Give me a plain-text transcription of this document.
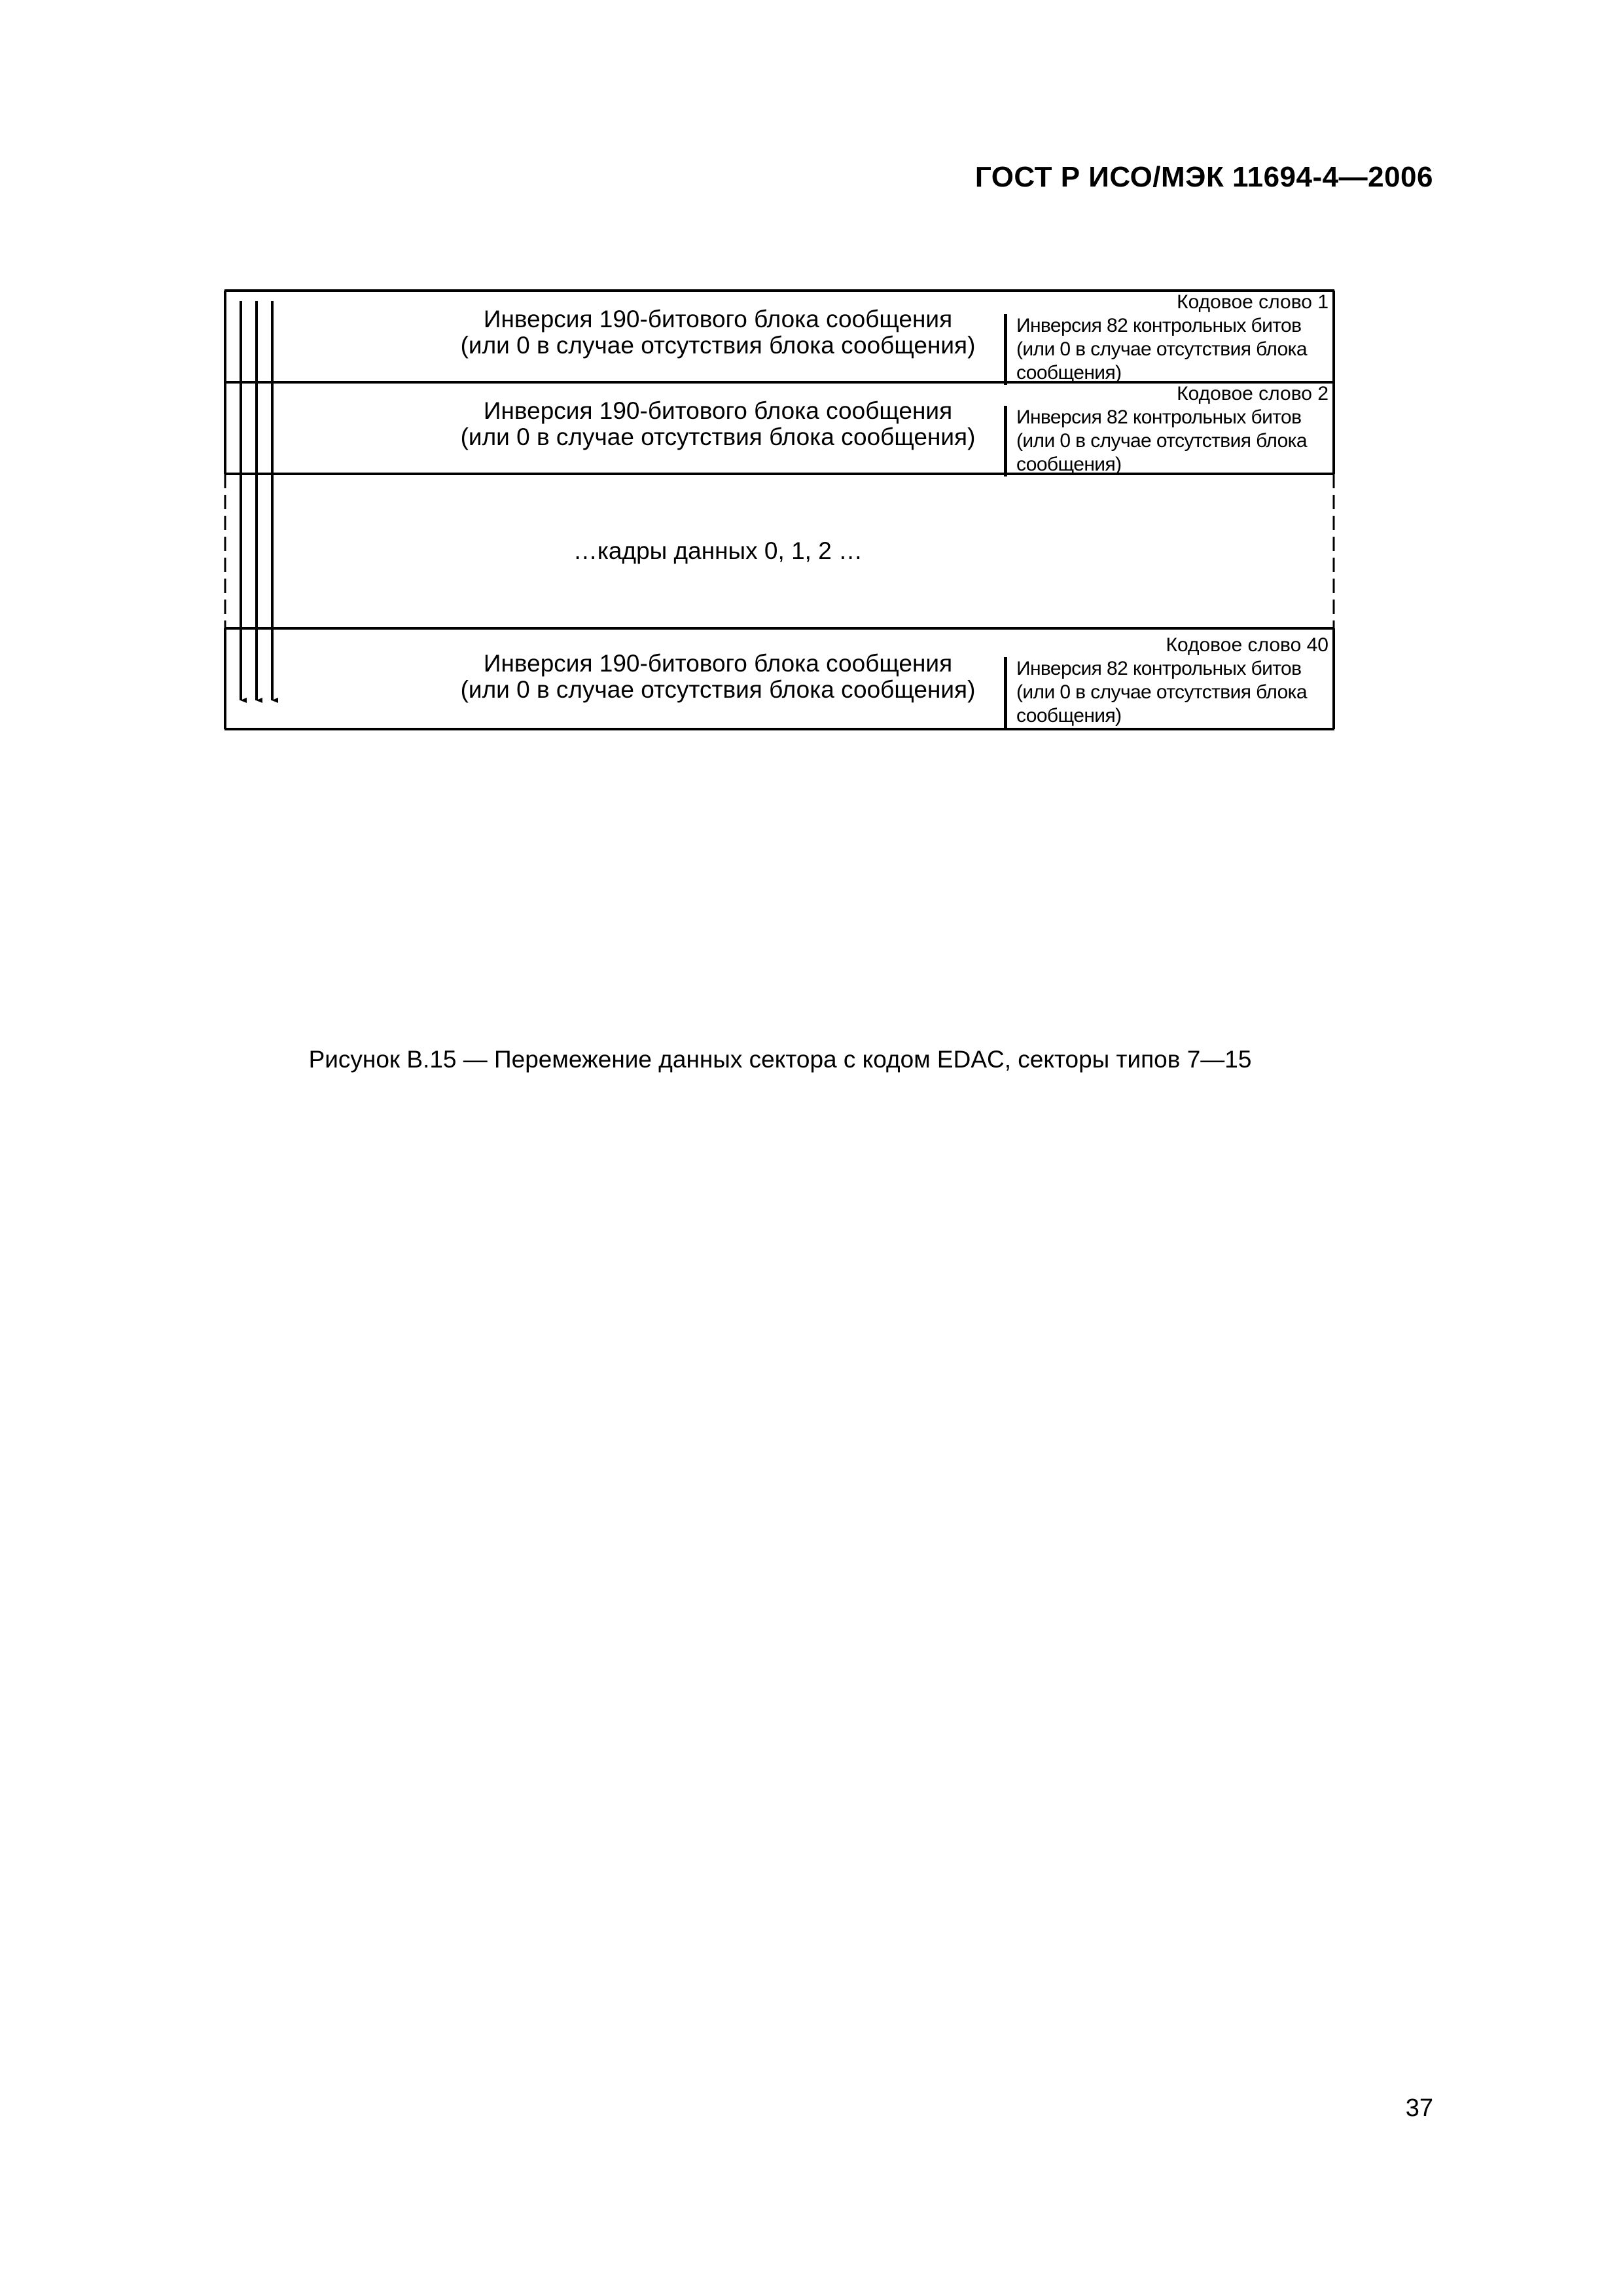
ГОСТ Р ИСО/МЭК 11694-4—2006
Инверсия 190-битового блока сообщения
(или 0 в случае отсутствия блока сообщения)
Кодовое слово 1
Инверсия 82 контрольных битов
(или 0 в случае отсутствия блока
сообщения)
Инверсия 190-битового блока сообщения
(или 0 в случае отсутствия блока сообщения)
Кодовое слово 2
Инверсия 82 контрольных битов
(или 0 в случае отсутствия блока
сообщения)
…кадры данных 0, 1, 2 …
Инверсия 190-битового блока сообщения
(или 0 в случае отсутствия блока сообщения)
Кодовое слово 40
Инверсия 82 контрольных битов
(или 0 в случае отсутствия блока
сообщения)
Рисунок В.15 — Перемежение данных сектора с кодом EDAC, секторы типов 7—15
37
